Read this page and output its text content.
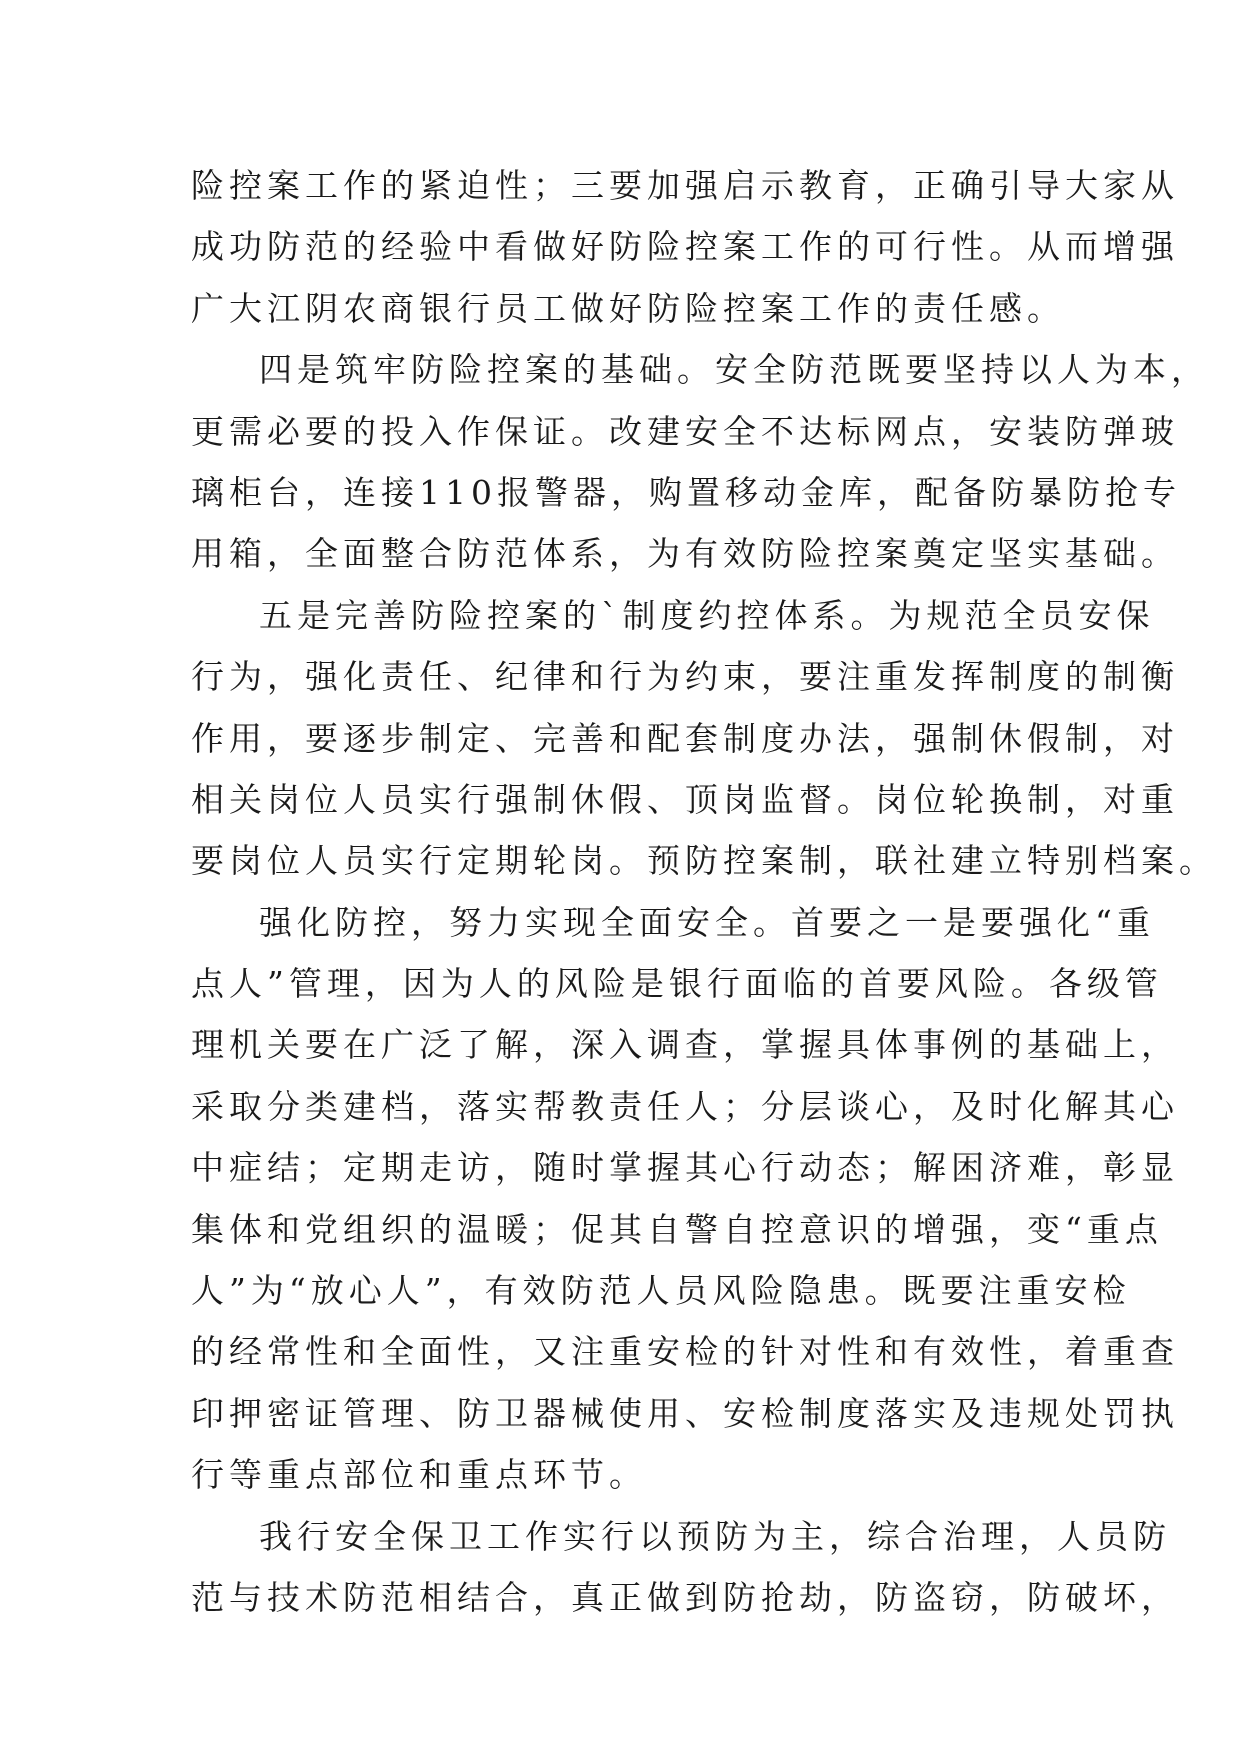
险控案工作的紧迫性；三要加强启示教育，正确引导大家从
成功防范的经验中看做好防险控案工作的可行性。从而增强
广大江阴农商银行员工做好防险控案工作的责任感。
四是筑牢防险控案的基础。安全防范既要坚持以人为本，
更需必要的投入作保证。改建安全不达标网点，安装防弹玻
璃柜台，连接110报警器，购置移动金库，配备防暴防抢专
用箱，全面整合防范体系，为有效防险控案奠定坚实基础。
五是完善防险控案的`制度约控体系。为规范全员安保
行为，强化责任、纪律和行为约束，要注重发挥制度的制衡
作用，要逐步制定、完善和配套制度办法，强制休假制，对
相关岗位人员实行强制休假、顶岗监督。岗位轮换制，对重
要岗位人员实行定期轮岗。预防控案制，联社建立特别档案。
强化防控，努力实现全面安全。首要之一是要强化“重
点人”管理，因为人的风险是银行面临的首要风险。各级管
理机关要在广泛了解，深入调查，掌握具体事例的基础上，
采取分类建档，落实帮教责任人；分层谈心，及时化解其心
中症结；定期走访，随时掌握其心行动态；解困济难，彰显
集体和党组织的温暖；促其自警自控意识的增强，变“重点
人”为“放心人”，有效防范人员风险隐患。既要注重安检
的经常性和全面性，又注重安检的针对性和有效性，着重查
印押密证管理、防卫器械使用、安检制度落实及违规处罚执
行等重点部位和重点环节。
我行安全保卫工作实行以预防为主，综合治理，人员防
范与技术防范相结合，真正做到防抢劫，防盗窃，防破坏，
